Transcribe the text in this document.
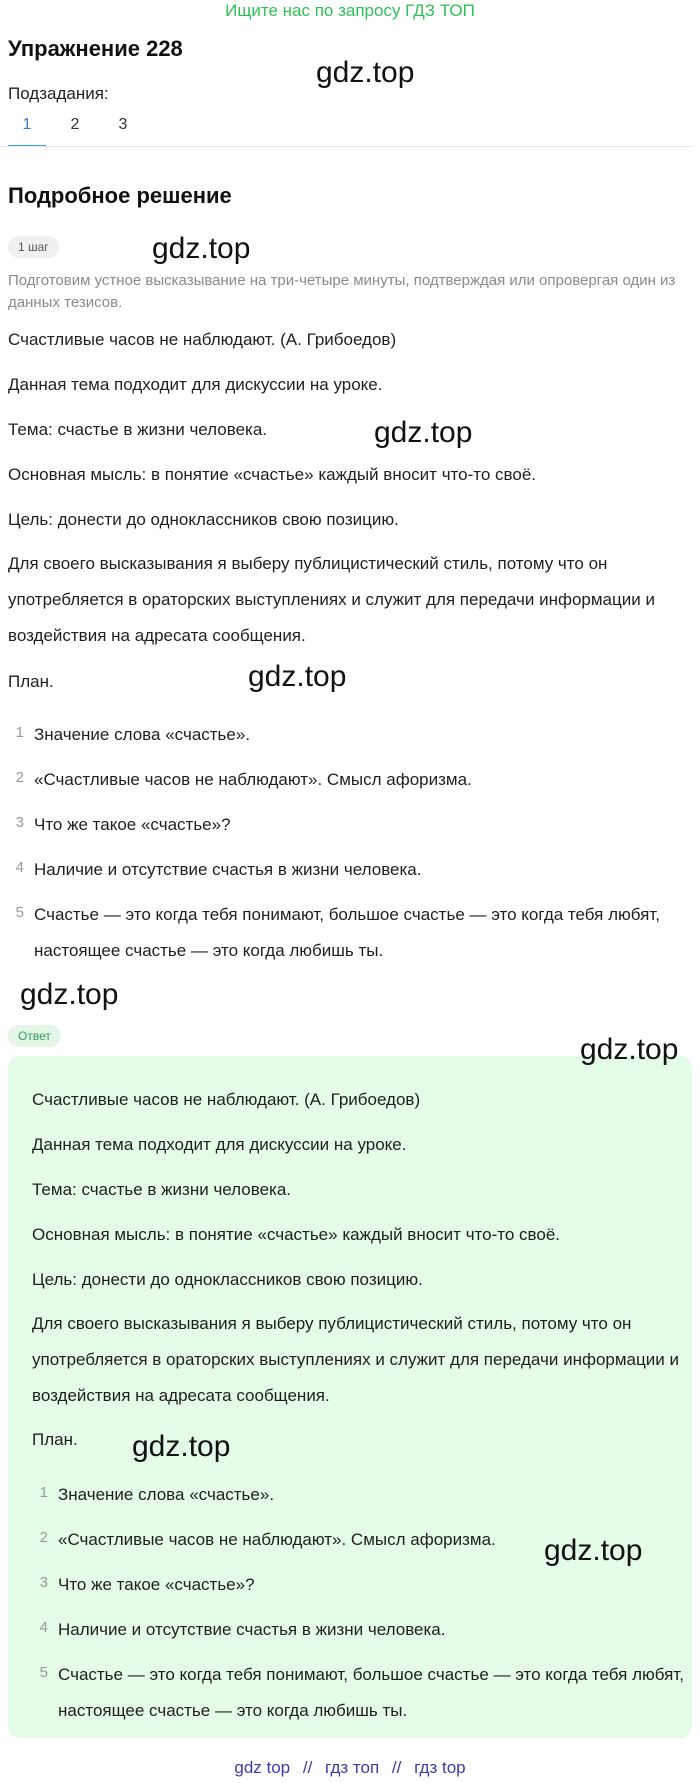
Ищите нас по запросу ГДЗ ТОП
Упражнение 228
Подзадания:
1	2	3
Подробное решение
1 шаг
Подготовим устное высказывание на три-четыре минуты, подтверждая или опровергая один из данных тезисов.
Счастливые часов не наблюдают. (А. Грибоедов)
Данная тема подходит для дискуссии на уроке.
Тема: счастье в жизни человека.
Основная мысль: в понятие «счастье» каждый вносит что-то своё.
Цель: донести до одноклассников свою позицию.
Для своего высказывания я выберу публицистический стиль, потому что он употребляется в ораторских выступлениях и служит для передачи информации и воздействия на адресата сообщения.
План.
1 Значение слова «счастье».
2 «Счастливые часов не наблюдают». Смысл афоризма.
3 Что же такое «счастье»?
4 Наличие и отсутствие счастья в жизни человека.
5 Счастье — это когда тебя понимают, большое счастье — это когда тебя любят, настоящее счастье — это когда любишь ты.
Ответ
Счастливые часов не наблюдают. (А. Грибоедов)
Данная тема подходит для дискуссии на уроке.
Тема: счастье в жизни человека.
Основная мысль: в понятие «счастье» каждый вносит что-то своё.
Цель: донести до одноклассников свою позицию.
Для своего высказывания я выберу публицистический стиль, потому что он употребляется в ораторских выступлениях и служит для передачи информации и воздействия на адресата сообщения.
План.
1 Значение слова «счастье».
2 «Счастливые часов не наблюдают». Смысл афоризма.
3 Что же такое «счастье»?
4 Наличие и отсутствие счастья в жизни человека.
5 Счастье — это когда тебя понимают, большое счастье — это когда тебя любят, настоящее счастье — это когда любишь ты.
gdz.top
gdz.top
gdz.top
gdz.top
gdz.top
gdz.top
gdz.top
gdz.top
gdz top // гдз топ // гдз top
